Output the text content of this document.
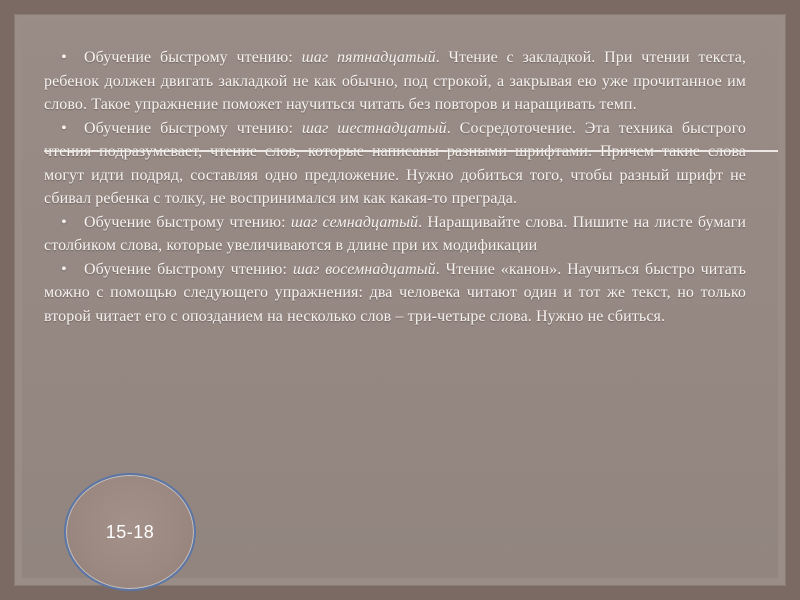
• Обучение быстрому чтению: шаг пятнадцатый. Чтение с закладкой. При чтении текста, ребенок должен двигать закладкой не как обычно, под строкой, а закрывая ею уже прочитанное им слово. Такое упражнение поможет научиться читать без повторов и наращивать темп.

• Обучение быстрому чтению: шаг шестнадцатый. Сосредоточение. Эта техника быстрого чтения подразумевает, чтение слов, которые написаны разными шрифтами. Причем такие слова могут идти подряд, составляя одно предложение. Нужно добиться того, чтобы разный шрифт не сбивал ребенка с толку, не воспринимался им как какая-то преграда.

• Обучение быстрому чтению: шаг семнадцатый. Наращивайте слова. Пишите на листе бумаги столбиком слова, которые увеличиваются в длине при их модификации

• Обучение быстрому чтению: шаг восемнадцатый. Чтение «канон». Научиться быстро читать можно с помощью следующего упражнения: два человека читают один и тот же текст, но только второй читает его с опозданием на несколько слов – три-четыре слова. Нужно не сбиться.

15-18
